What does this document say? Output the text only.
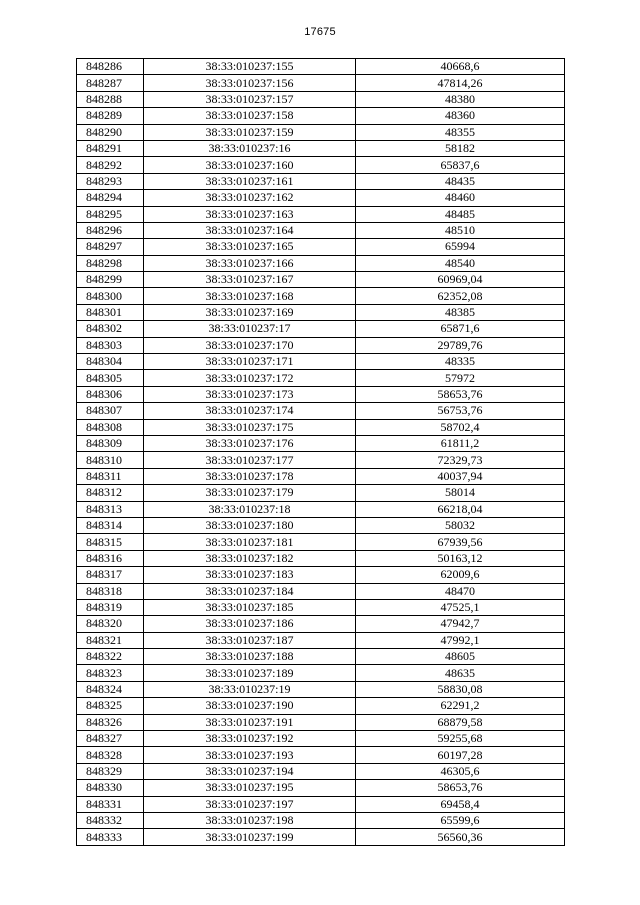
17675
848286	38:33:010237:155	40668,6
848287	38:33:010237:156	47814,26
848288	38:33:010237:157	48380
848289	38:33:010237:158	48360
848290	38:33:010237:159	48355
848291	38:33:010237:16	58182
848292	38:33:010237:160	65837,6
848293	38:33:010237:161	48435
848294	38:33:010237:162	48460
848295	38:33:010237:163	48485
848296	38:33:010237:164	48510
848297	38:33:010237:165	65994
848298	38:33:010237:166	48540
848299	38:33:010237:167	60969,04
848300	38:33:010237:168	62352,08
848301	38:33:010237:169	48385
848302	38:33:010237:17	65871,6
848303	38:33:010237:170	29789,76
848304	38:33:010237:171	48335
848305	38:33:010237:172	57972
848306	38:33:010237:173	58653,76
848307	38:33:010237:174	56753,76
848308	38:33:010237:175	58702,4
848309	38:33:010237:176	61811,2
848310	38:33:010237:177	72329,73
848311	38:33:010237:178	40037,94
848312	38:33:010237:179	58014
848313	38:33:010237:18	66218,04
848314	38:33:010237:180	58032
848315	38:33:010237:181	67939,56
848316	38:33:010237:182	50163,12
848317	38:33:010237:183	62009,6
848318	38:33:010237:184	48470
848319	38:33:010237:185	47525,1
848320	38:33:010237:186	47942,7
848321	38:33:010237:187	47992,1
848322	38:33:010237:188	48605
848323	38:33:010237:189	48635
848324	38:33:010237:19	58830,08
848325	38:33:010237:190	62291,2
848326	38:33:010237:191	68879,58
848327	38:33:010237:192	59255,68
848328	38:33:010237:193	60197,28
848329	38:33:010237:194	46305,6
848330	38:33:010237:195	58653,76
848331	38:33:010237:197	69458,4
848332	38:33:010237:198	65599,6
848333	38:33:010237:199	56560,36
